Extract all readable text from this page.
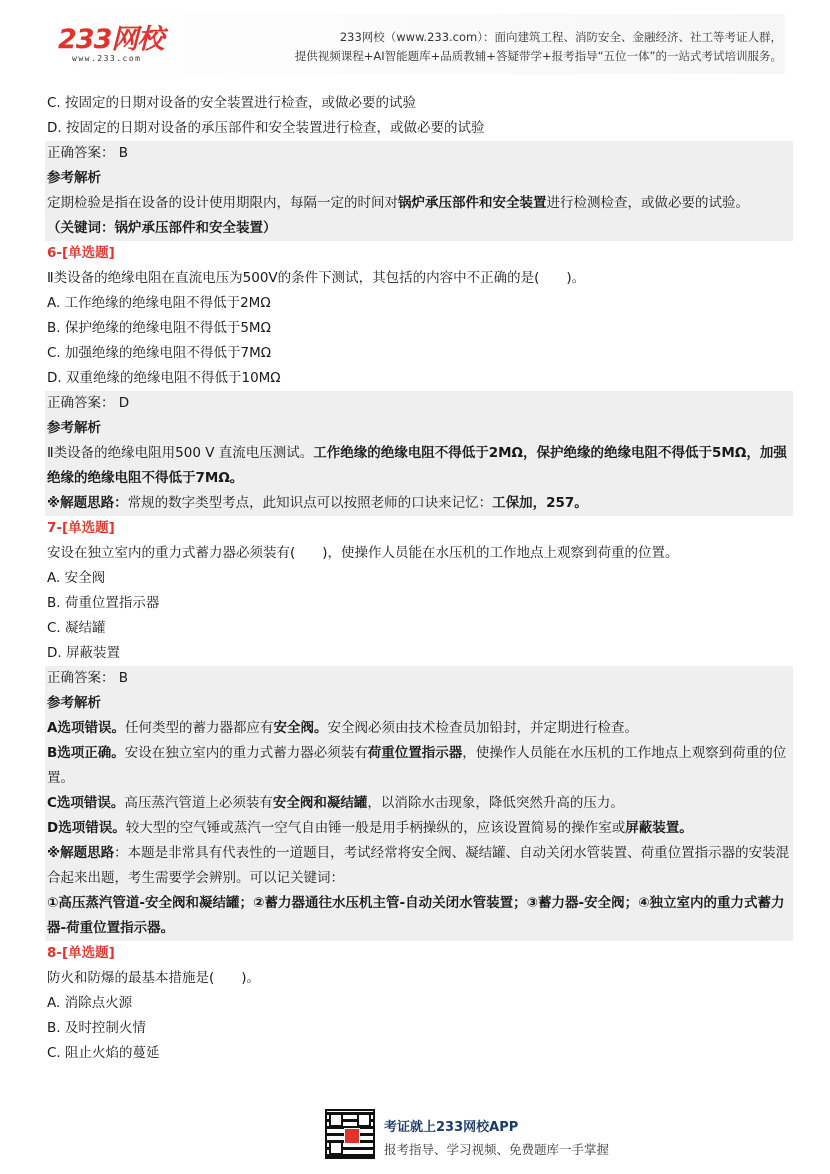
233网校
www.233.com
233网校（www.233.com）：面向建筑工程、消防安全、金融经济、社工等考证人群，
提供视频课程+AI智能题库+品质教辅+答疑带学+报考指导“五位一体”的一站式考试培训服务。
C. 按固定的日期对设备的安全装置进行检查，或做必要的试验
D. 按固定的日期对设备的承压部件和安全装置进行检查，或做必要的试验
正确答案： B
参考解析
定期检验是指在设备的设计使用期限内，每隔一定的时间对锅炉承压部件和安全装置进行检测检查，或做必要的试验。
（关键词：锅炉承压部件和安全装置）
6-[单选题]
Ⅱ类设备的绝缘电阻在直流电压为500V的条件下测试，其包括的内容中不正确的是(　　)。
A. 工作绝缘的绝缘电阻不得低于2MΩ
B. 保护绝缘的绝缘电阻不得低于5MΩ
C. 加强绝缘的绝缘电阻不得低于7MΩ
D. 双重绝缘的绝缘电阻不得低于10MΩ
正确答案： D
参考解析
Ⅱ类设备的绝缘电阻用500 V 直流电压测试。工作绝缘的绝缘电阻不得低于2MΩ，保护绝缘的绝缘电阻不得低于5MΩ，加强绝缘的绝缘电阻不得低于7MΩ。
※解题思路：常规的数字类型考点，此知识点可以按照老师的口诀来记忆：工保加，257。
7-[单选题]
安设在独立室内的重力式蓄力器必须装有(　　)，使操作人员能在水压机的工作地点上观察到荷重的位置。
A. 安全阀
B. 荷重位置指示器
C. 凝结罐
D. 屏蔽装置
正确答案： B
参考解析
A选项错误。任何类型的蓄力器都应有安全阀。安全阀必须由技术检查员加铅封，并定期进行检查。
B选项正确。安设在独立室内的重力式蓄力器必须装有荷重位置指示器，使操作人员能在水压机的工作地点上观察到荷重的位置。
C选项错误。高压蒸汽管道上必须装有安全阀和凝结罐，以消除水击现象，降低突然升高的压力。
D选项错误。较大型的空气锤或蒸汽一空气自由锤一般是用手柄操纵的，应该设置简易的操作室或屏蔽装置。
※解题思路：本题是非常具有代表性的一道题目，考试经常将安全阀、凝结罐、自动关闭水管装置、荷重位置指示器的安装混合起来出题，考生需要学会辨别。可以记关键词：
①高压蒸汽管道-安全阀和凝结罐；②蓄力器通往水压机主管-自动关闭水管装置；③蓄力器-安全阀；④独立室内的重力式蓄力器-荷重位置指示器。
8-[单选题]
防火和防爆的最基本措施是(　　)。
A. 消除点火源
B. 及时控制火情
C. 阻止火焰的蔓延
考证就上233网校APP
报考指导、学习视频、免费题库一手掌握
